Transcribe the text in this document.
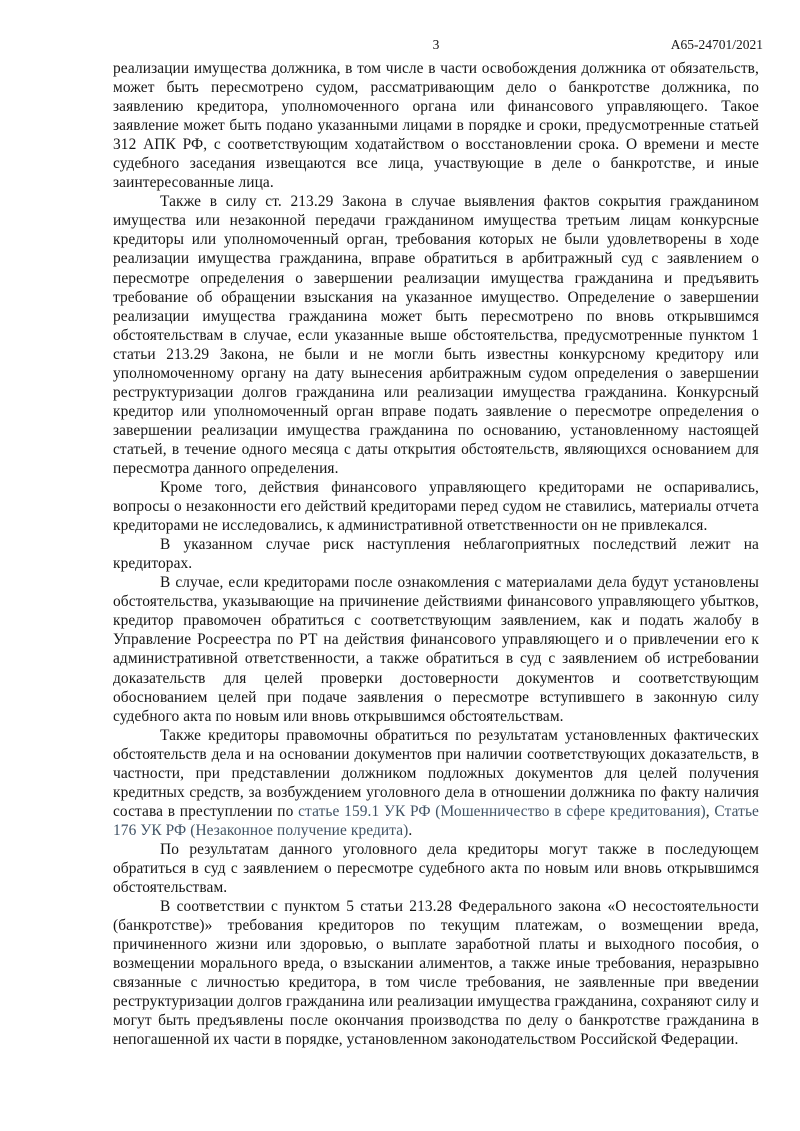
3	А65-24701/2021

реализации имущества должника, в том числе в части освобождения должника от обязательств, может быть пересмотрено судом, рассматривающим дело о банкротстве должника, по заявлению кредитора, уполномоченного органа или финансового управляющего. Такое заявление может быть подано указанными лицами в порядке и сроки, предусмотренные статьей 312 АПК РФ, с соответствующим ходатайством о восстановлении срока. О времени и месте судебного заседания извещаются все лица, участвующие в деле о банкротстве, и иные заинтересованные лица.

Также в силу ст. 213.29 Закона в случае выявления фактов сокрытия гражданином имущества или незаконной передачи гражданином имущества третьим лицам конкурсные кредиторы или уполномоченный орган, требования которых не были удовлетворены в ходе реализации имущества гражданина, вправе обратиться в арбитражный суд с заявлением о пересмотре определения о завершении реализации имущества гражданина и предъявить требование об обращении взыскания на указанное имущество. Определение о завершении реализации имущества гражданина может быть пересмотрено по вновь открывшимся обстоятельствам в случае, если указанные выше обстоятельства, предусмотренные пунктом 1 статьи 213.29 Закона, не были и не могли быть известны конкурсному кредитору или уполномоченному органу на дату вынесения арбитражным судом определения о завершении реструктуризации долгов гражданина или реализации имущества гражданина. Конкурсный кредитор или уполномоченный орган вправе подать заявление о пересмотре определения о завершении реализации имущества гражданина по основанию, установленному настоящей статьей, в течение одного месяца с даты открытия обстоятельств, являющихся основанием для пересмотра данного определения.

Кроме того, действия финансового управляющего кредиторами не оспаривались, вопросы о незаконности его действий кредиторами перед судом не ставились, материалы отчета кредиторами не исследовались, к административной ответственности он не привлекался.

В указанном случае риск наступления неблагоприятных последствий лежит на кредиторах.

В случае, если кредиторами после ознакомления с материалами дела будут установлены обстоятельства, указывающие на причинение действиями финансового управляющего убытков, кредитор правомочен обратиться с соответствующим заявлением, как и подать жалобу в Управление Росреестра по РТ на действия финансового управляющего и о привлечении его к административной ответственности, а также обратиться в суд с заявлением об истребовании доказательств для целей проверки достоверности документов и соответствующим обоснованием целей при подаче заявления о пересмотре вступившего в законную силу судебного акта по новым или вновь открывшимся обстоятельствам.

Также кредиторы правомочны обратиться по результатам установленных фактических обстоятельств дела и на основании документов при наличии соответствующих доказательств, в частности, при представлении должником подложных документов для целей получения кредитных средств, за возбуждением уголовного дела в отношении должника по факту наличия состава в преступлении по статье 159.1 УК РФ (Мошенничество в сфере кредитования), Статье 176 УК РФ (Незаконное получение кредита).

По результатам данного уголовного дела кредиторы могут также в последующем обратиться в суд с заявлением о пересмотре судебного акта по новым или вновь открывшимся обстоятельствам.

В соответствии с пунктом 5 статьи 213.28 Федерального закона «О несостоятельности (банкротстве)» требования кредиторов по текущим платежам, о возмещении вреда, причиненного жизни или здоровью, о выплате заработной платы и выходного пособия, о возмещении морального вреда, о взыскании алиментов, а также иные требования, неразрывно связанные с личностью кредитора, в том числе требования, не заявленные при введении реструктуризации долгов гражданина или реализации имущества гражданина, сохраняют силу и могут быть предъявлены после окончания производства по делу о банкротстве гражданина в непогашенной их части в порядке, установленном законодательством Российской Федерации.
